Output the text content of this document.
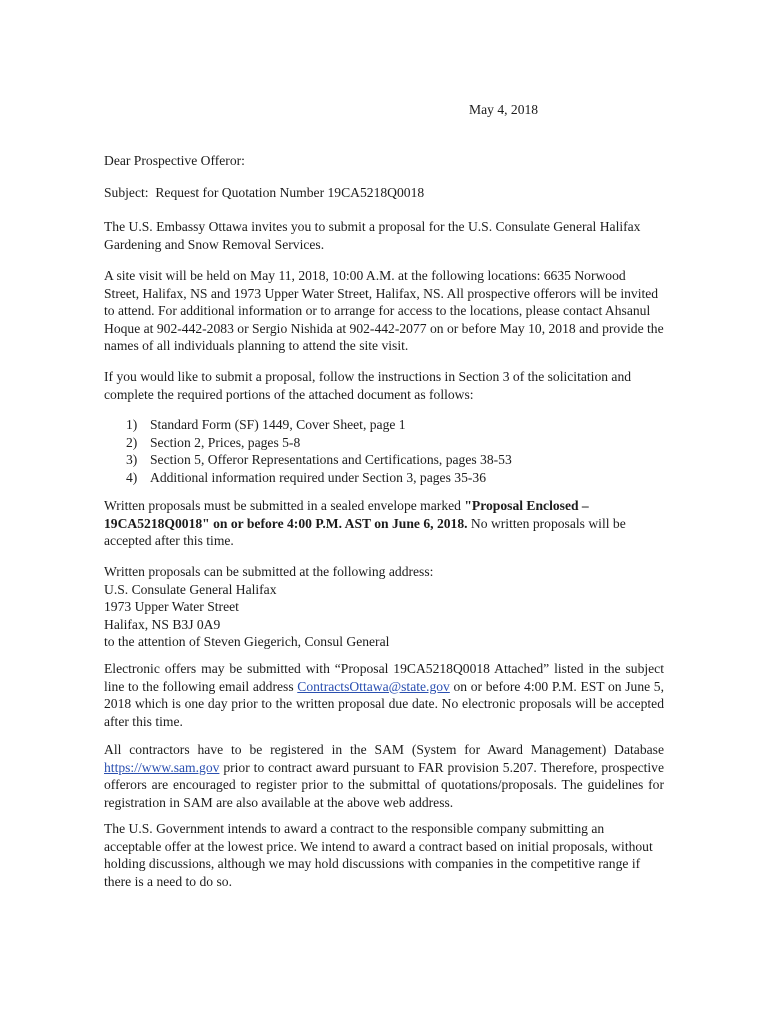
May 4, 2018

Dear Prospective Offeror:

Subject: Request for Quotation Number 19CA5218Q0018

The U.S. Embassy Ottawa invites you to submit a proposal for the U.S. Consulate General Halifax Gardening and Snow Removal Services.

A site visit will be held on May 11, 2018, 10:00 A.M. at the following locations: 6635 Norwood Street, Halifax, NS and 1973 Upper Water Street, Halifax, NS. All prospective offerors will be invited to attend. For additional information or to arrange for access to the locations, please contact Ahsanul Hoque at 902-442-2083 or Sergio Nishida at 902-442-2077 on or before May 10, 2018 and provide the names of all individuals planning to attend the site visit.

If you would like to submit a proposal, follow the instructions in Section 3 of the solicitation and complete the required portions of the attached document as follows:

1) Standard Form (SF) 1449, Cover Sheet, page 1
2) Section 2, Prices, pages 5-8
3) Section 5, Offeror Representations and Certifications, pages 38-53
4) Additional information required under Section 3, pages 35-36

Written proposals must be submitted in a sealed envelope marked "Proposal Enclosed – 19CA5218Q0018" on or before 4:00 P.M. AST on June 6, 2018. No written proposals will be accepted after this time.

Written proposals can be submitted at the following address:
U.S. Consulate General Halifax
1973 Upper Water Street
Halifax, NS B3J 0A9
to the attention of Steven Giegerich, Consul General

Electronic offers may be submitted with “Proposal 19CA5218Q0018 Attached” listed in the subject line to the following email address ContractsOttawa@state.gov on or before 4:00 P.M. EST on June 5, 2018 which is one day prior to the written proposal due date. No electronic proposals will be accepted after this time.

All contractors have to be registered in the SAM (System for Award Management) Database https://www.sam.gov prior to contract award pursuant to FAR provision 5.207. Therefore, prospective offerors are encouraged to register prior to the submittal of quotations/proposals. The guidelines for registration in SAM are also available at the above web address.

The U.S. Government intends to award a contract to the responsible company submitting an acceptable offer at the lowest price. We intend to award a contract based on initial proposals, without holding discussions, although we may hold discussions with companies in the competitive range if there is a need to do so.
